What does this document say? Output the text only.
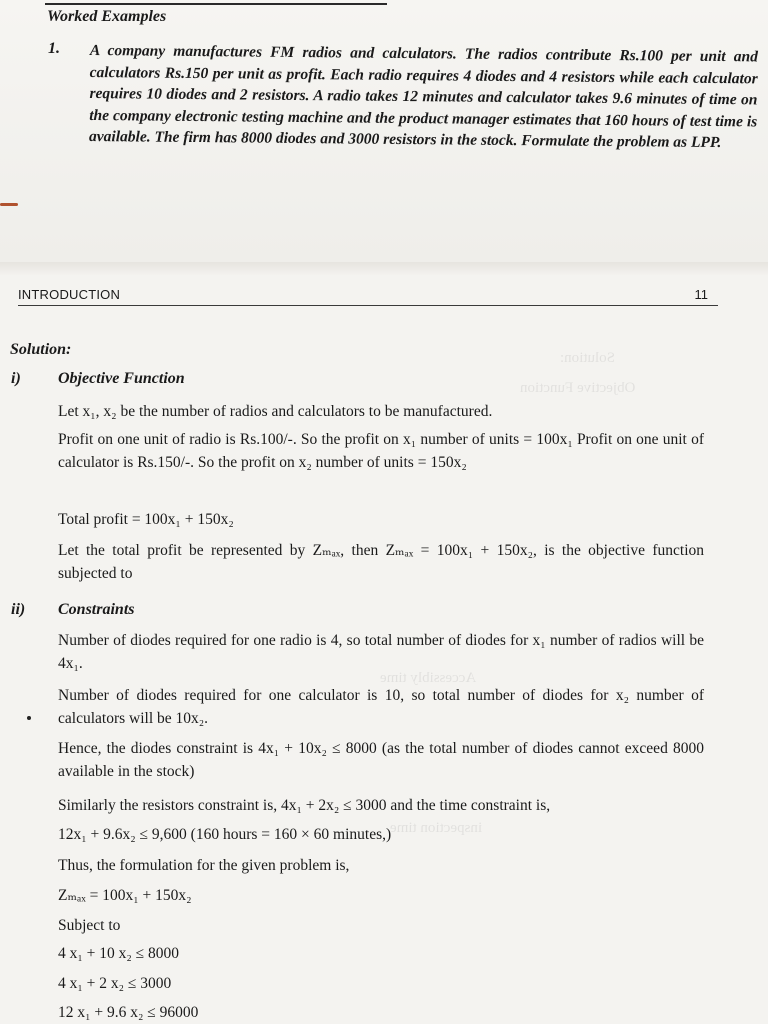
Worked Examples
1. A company manufactures FM radios and calculators. The radios contribute Rs.100 per unit and calculators Rs.150 per unit as profit. Each radio requires 4 diodes and 4 resistors while each calculator requires 10 diodes and 2 resistors. A radio takes 12 minutes and calculator takes 9.6 minutes of time on the company electronic testing machine and the product manager estimates that 160 hours of test time is available. The firm has 8000 diodes and 3000 resistors in the stock. Formulate the problem as LPP.
INTRODUCTION	11
Solution:
Objective Function
Accessibly time
inspection time
Solution:
i) Objective Function
Let x₁, x₂ be the number of radios and calculators to be manufactured.

Profit on one unit of radio is Rs.100/-. So the profit on x₁ number of units = 100x₁ Profit on one unit of calculator is Rs.150/-. So the profit on x₂ number of units = 150x₂

Total profit = 100x₁ + 150x₂

Let the total profit be represented by Zₘₐₓ, then Zₘₐₓ = 100x₁ + 150x₂, is the objective function subjected to

ii) Constraints

Number of diodes required for one radio is 4, so total number of diodes for x₁ number of radios will be 4x₁.

Number of diodes required for one calculator is 10, so total number of diodes for x₂ number of calculators will be 10x₂.

Hence, the diodes constraint is 4x₁ + 10x₂ ≤ 8000 (as the total number of diodes cannot exceed 8000 available in the stock)

Similarly the resistors constraint is, 4x₁ + 2x₂ ≤ 3000 and the time constraint is,
12x₁ + 9.6x₂ ≤ 9,600 (160 hours = 160 × 60 minutes,)
Thus, the formulation for the given problem is,
Zₘₐₓ = 100x₁ + 150x₂
Subject to
4 x₁ + 10 x₂ ≤ 8000
4 x₁ + 2 x₂ ≤ 3000
12 x₁ + 9.6 x₂ ≤ 96000
